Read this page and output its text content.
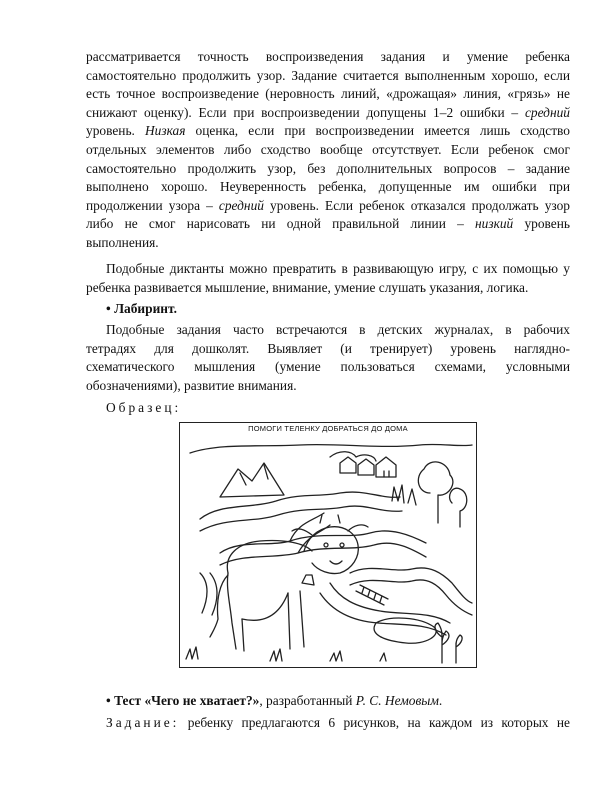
рассматривается точность воспроизведения задания и умение ребенка
самостоятельно продолжить узор. Задание считается выполненным хорошо, если
есть точное воспроизведение (неровность линий, «дрожащая» линия, «грязь» не
снижают оценку). Если при воспроизведении допущены 1–2 ошибки – средний
уровень. Низкая оценка, если при воспроизведении имеется лишь сходство
отдельных элементов либо сходство вообще отсутствует. Если ребенок смог
самостоятельно продолжить узор, без дополнительных вопросов – задание
выполнено хорошо. Неуверенность ребенка, допущенные им ошибки при
продолжении узора – средний уровень. Если ребенок отказался продолжать узор
либо не смог нарисовать ни одной правильной линии – низкий уровень
выполнения.
Подобные диктанты можно превратить в развивающую игру, с их помощью у
ребенка развивается мышление, внимание, умение слушать указания, логика.
• Лабиринт.
Подобные задания часто встречаются в детских журналах, в рабочих
тетрадях для дошколят. Выявляет (и тренирует) уровень наглядно-
схематического мышления (умение пользоваться схемами, условными
обозначениями), развитие внимания.
Образец:
ПОМОГИ ТЕЛЕНКУ ДОБРАТЬСЯ ДО ДОМА
• Тест «Чего не хватает?», разработанный Р. С. Немовым.
Задание: ребенку предлагаются 6 рисунков, на каждом из которых не
